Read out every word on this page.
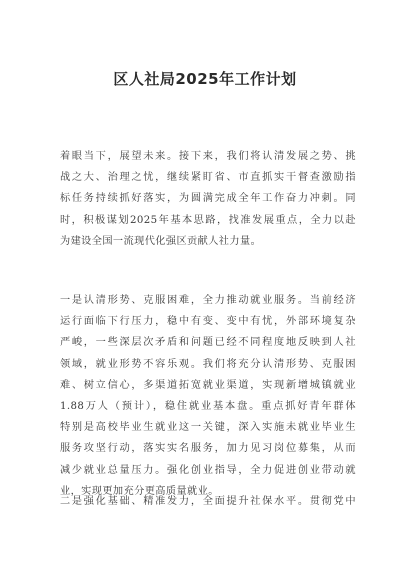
区人社局2025年工作计划
着眼当下，展望未来。接下来，我们将认清发展之势、挑
战之大、治理之忧，继续紧盯省、市直抓实干督查激励指
标任务持续抓好落实，为圆满完成全年工作奋力冲刺。同
时，积极谋划2025年基本思路，找准发展重点，全力以赴
为建设全国一流现代化强区贡献人社力量。
一是认清形势、克服困难，全力推动就业服务。当前经济
运行面临下行压力，稳中有变、变中有忧，外部环境复杂
严峻，一些深层次矛盾和问题已经不同程度地反映到人社
领域，就业形势不容乐观。我们将充分认清形势、克服困
难、树立信心，多渠道拓宽就业渠道，实现新增城镇就业
1.88万人（预计），稳住就业基本盘。重点抓好青年群体
特别是高校毕业生就业这一关键，深入实施未就业毕业生
服务攻坚行动，落实实名服务，加力见习岗位募集，从而
减少就业总量压力。强化创业指导，全力促进创业带动就
业，实现更加充分更高质量就业。
二是强化基础、精准发力，全面提升社保水平。贯彻党中
